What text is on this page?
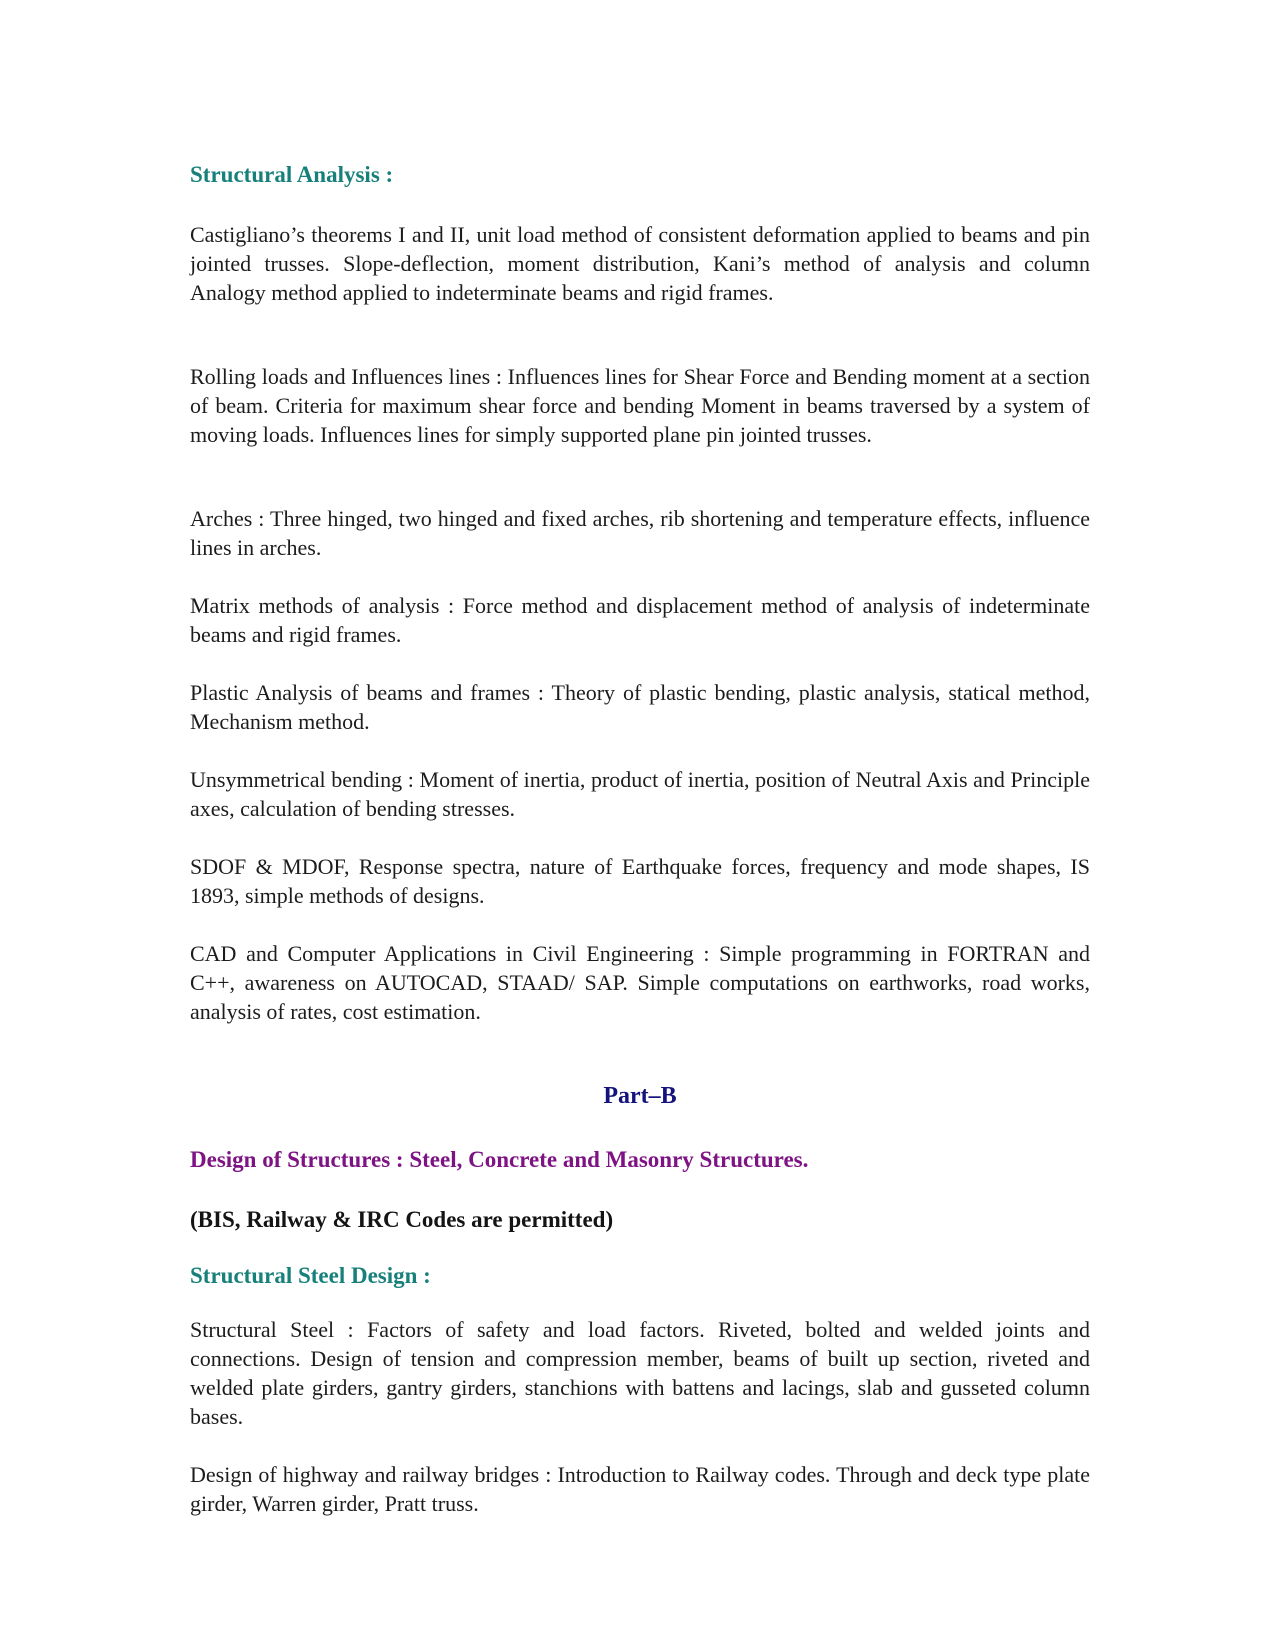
Structural Analysis :

Castigliano’s theorems I and II, unit load method of consistent deformation applied to beams and pin jointed trusses. Slope-deflection, moment distribution, Kani’s method of analysis and column Analogy method applied to indeterminate beams and rigid frames.

Rolling loads and Influences lines : Influences lines for Shear Force and Bending moment at a section of beam. Criteria for maximum shear force and bending Moment in beams traversed by a system of moving loads. Influences lines for simply supported plane pin jointed trusses.

Arches : Three hinged, two hinged and fixed arches, rib shortening and temperature effects, influence lines in arches.

Matrix methods of analysis : Force method and displacement method of analysis of indeterminate beams and rigid frames.

Plastic Analysis of beams and frames : Theory of plastic bending, plastic analysis, statical method, Mechanism method.

Unsymmetrical bending : Moment of inertia, product of inertia, position of Neutral Axis and Principle axes, calculation of bending stresses.

SDOF & MDOF, Response spectra, nature of Earthquake forces, frequency and mode shapes, IS 1893, simple methods of designs.

CAD and Computer Applications in Civil Engineering : Simple programming in FORTRAN and C++, awareness on AUTOCAD, STAAD/ SAP. Simple computations on earthworks, road works, analysis of rates, cost estimation.

Part–B
Design of Structures : Steel, Concrete and Masonry Structures.
(BIS, Railway & IRC Codes are permitted)
Structural Steel Design :

Structural Steel : Factors of safety and load factors. Riveted, bolted and welded joints and connections. Design of tension and compression member, beams of built up section, riveted and welded plate girders, gantry girders, stanchions with battens and lacings, slab and gusseted column bases.

Design of highway and railway bridges : Introduction to Railway codes. Through and deck type plate girder, Warren girder, Pratt truss.
